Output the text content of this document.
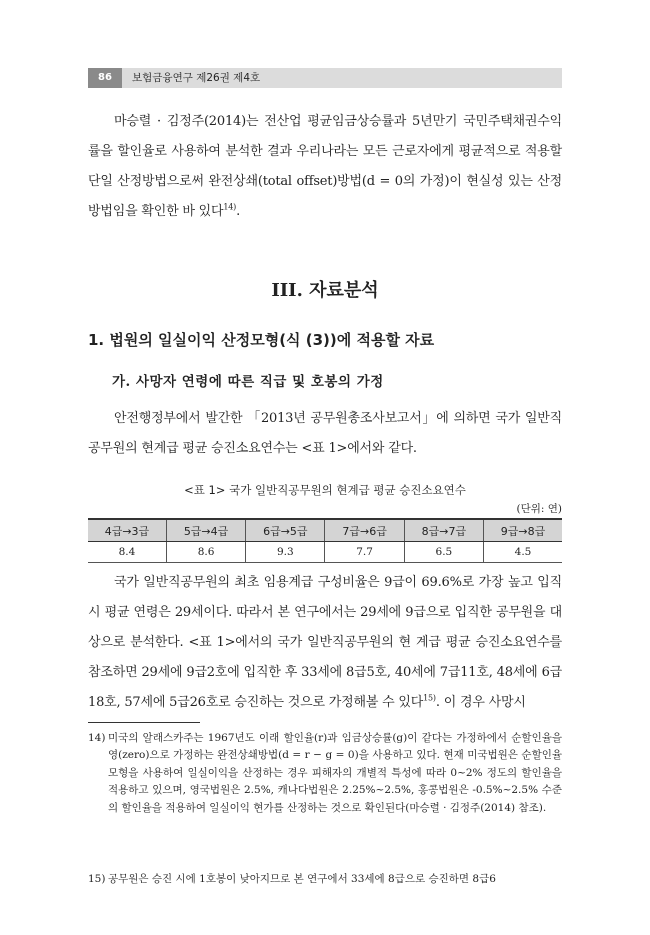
86	보험금융연구 제26권 제4호

마승렬 · 김정주(2014)는 전산업 평균임금상승률과 5년만기 국민주택채권수익률을 할인율로 사용하여 분석한 결과 우리나라는 모든 근로자에게 평균적으로 적용할 단일 산정방법으로써 완전상쇄(total offset)방법(d = 0의 가정)이 현실성 있는 산정방법임을 확인한 바 있다$^{14)}$.

III. 자료분석
1. 법원의 일실이익 산정모형(식 (3))에 적용할 자료
가. 사망자 연령에 따른 직급 및 호봉의 가정

안전행정부에서 발간한 「2013년 공무원총조사보고서」에 의하면 국가 일반직공무원의 현계급 평균 승진소요연수는 <표 1>에서와 같다.

<표 1> 국가 일반직공무원의 현계급 평균 승진소요연수
(단위: 연)
4급→3급	5급→4급	6급→5급	7급→6급	8급→7급	9급→8급
8.4	8.6	9.3	7.7	6.5	4.5

국가 일반직공무원의 최초 임용계급 구성비율은 9급이 69.6%로 가장 높고 입직시 평균 연령은 29세이다. 따라서 본 연구에서는 29세에 9급으로 입직한 공무원을 대상으로 분석한다. <표 1>에서의 국가 일반직공무원의 현 계급 평균 승진소요연수를 참조하면 29세에 9급2호에 입직한 후 33세에 8급5호, 40세에 7급11호, 48세에 6급18호, 57세에 5급26호로 승진하는 것으로 가정해볼 수 있다$^{15)}$. 이 경우 사망시

14) 미국의 알래스카주는 1967년도 이래 할인율(r)과 임금상승률(g)이 같다는 가정하에서 순할인율을 영(zero)으로 가정하는 완전상쇄방법(d = r − g = 0)을 사용하고 있다. 현재 미국법원은 순할인율 모형을 사용하여 일실이익을 산정하는 경우 피해자의 개별적 특성에 따라 0~2% 정도의 할인율을 적용하고 있으며, 영국법원은 2.5%, 캐나다법원은 2.25%~2.5%, 홍콩법원은 -0.5%~2.5% 수준의 할인율을 적용하여 일실이익 현가를 산정하는 것으로 확인된다(마승렬 · 김정주(2014) 참조).
15) 공무원은 승진 시에 1호봉이 낮아지므로 본 연구에서 33세에 8급으로 승진하면 8급6
